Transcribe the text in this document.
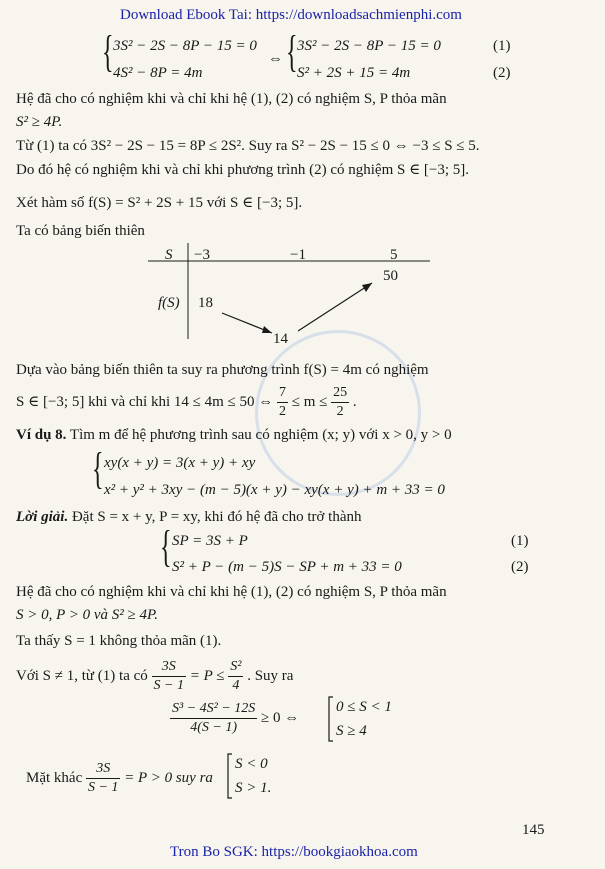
Download Ebook Tai: https://downloadsachmienphi.com
{ 3S² − 2S − 8P − 15 = 0
4S² − 8P = 4m
⇔ { 3S² − 2S − 8P − 15 = 0
S² + 2S + 15 = 4m
(1)
(2)
Hệ đã cho có nghiệm khi và chỉ khi hệ (1), (2) có nghiệm S, P thỏa mãn
S² ≥ 4P.
Từ (1) ta có 3S² − 2S − 15 = 8P ≤ 2S². Suy ra S² − 2S − 15 ≤ 0 ⇔ −3 ≤ S ≤ 5.
Do đó hệ có nghiệm khi và chỉ khi phương trình (2) có nghiệm S ∈ [−3; 5].
Xét hàm số f(S) = S² + 2S + 15 với S ∈ [−3; 5].
Ta có bảng biến thiên
S −3	−1	5
f(S) 18
14
50
Dựa vào bảng biến thiên ta suy ra phương trình f(S) = 4m có nghiệm
S ∈ [−3; 5] khi và chỉ khi 14 ≤ 4m ≤ 50 ⇔ $\frac{7}{2} \le m \le \frac{25}{2}$ .
Ví dụ 8. Tìm m để hệ phương trình sau có nghiệm (x; y) với x > 0, y > 0
{ xy(x + y) = 3(x + y) + xy
x² + y² + 3xy − (m − 5)(x + y) − xy(x + y) + m + 33 = 0
Lời giải. Đặt S = x + y, P = xy, khi đó hệ đã cho trở thành
{ SP = 3S + P
S² + P − (m − 5)S − SP + m + 33 = 0
(1)
(2)
Hệ đã cho có nghiệm khi và chỉ khi hệ (1), (2) có nghiệm S, P thỏa mãn
S > 0, P > 0 và S² ≥ 4P.
Ta thấy S = 1 không thỏa mãn (1).
Với S ≠ 1, từ (1) ta có $\frac{3S}{S - 1} = P \le \frac{\text{S²}}{4}$ . Suy ra
$\frac{\text{S³ − 4S² − 12S}}{4(S - 1)} \ge 0$ ⇔
0 ≤ S < 1
S ≥ 4
Mặt khác $\frac{3S}{S - 1} = P > 0$ suy ra
S < 0
S > 1.
145
Tron Bo SGK: https://bookgiaokhoa.com
